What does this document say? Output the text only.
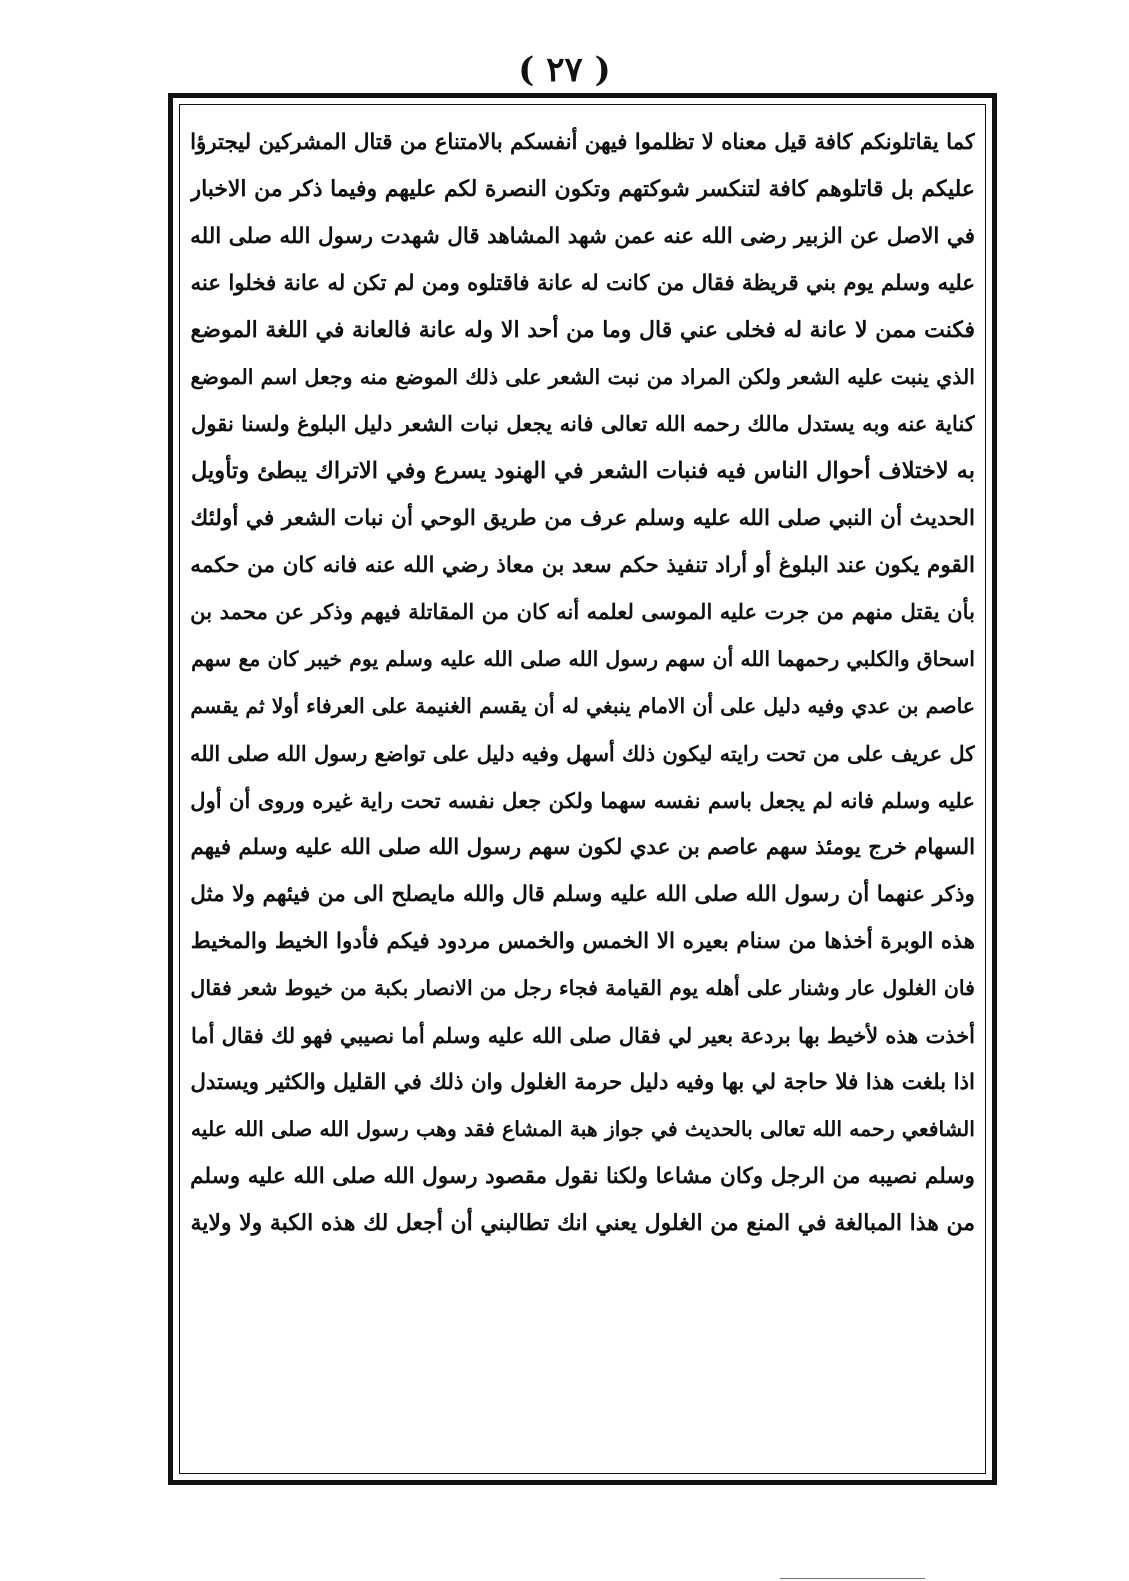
( ٢٧ )
كما يقاتلونكم كافة قيل معناه لا تظلموا فيهن أنفسكم بالامتناع من قتال المشركين ليجترؤا
عليكم بل قاتلوهم كافة لتنكسر شوكتهم وتكون النصرة لكم عليهم وفيما ذكر من الاخبار
في الاصل عن الزبير رضى الله عنه عمن شهد المشاهد قال شهدت رسول الله صلى الله
عليه وسلم يوم بني قريظة فقال من كانت له عانة فاقتلوه ومن لم تكن له عانة فخلوا عنه
فكنت ممن لا عانة له فخلى عني قال وما من أحد الا وله عانة فالعانة في اللغة الموضع
الذي ينبت عليه الشعر ولكن المراد من نبت الشعر على ذلك الموضع منه وجعل اسم الموضع
كناية عنه وبه يستدل مالك رحمه الله تعالى فانه يجعل نبات الشعر دليل البلوغ ولسنا نقول
به لاختلاف أحوال الناس فيه فنبات الشعر في الهنود يسرع وفي الاتراك يبطئ وتأويل
الحديث أن النبي صلى الله عليه وسلم عرف من طريق الوحي أن نبات الشعر في أولئك
القوم يكون عند البلوغ أو أراد تنفيذ حكم سعد بن معاذ رضي الله عنه فانه كان من حكمه
بأن يقتل منهم من جرت عليه الموسى لعلمه أنه كان من المقاتلة فيهم وذكر عن محمد بن
اسحاق والكلبي رحمهما الله أن سهم رسول الله صلى الله عليه وسلم يوم خيبر كان مع سهم
عاصم بن عدي وفيه دليل على أن الامام ينبغي له أن يقسم الغنيمة على العرفاء أولا ثم يقسم
كل عريف على من تحت رايته ليكون ذلك أسهل وفيه دليل على تواضع رسول الله صلى الله
عليه وسلم فانه لم يجعل باسم نفسه سهما ولكن جعل نفسه تحت راية غيره وروى أن أول
السهام خرج يومئذ سهم عاصم بن عدي لكون سهم رسول الله صلى الله عليه وسلم فيهم
وذكر عنهما أن رسول الله صلى الله عليه وسلم قال والله مايصلح الى من فيئهم ولا مثل
هذه الوبرة أخذها من سنام بعيره الا الخمس والخمس مردود فيكم فأدوا الخيط والمخيط
فان الغلول عار وشنار على أهله يوم القيامة فجاء رجل من الانصار بكبة من خيوط شعر فقال
أخذت هذه لأخيط بها بردعة بعير لي فقال صلى الله عليه وسلم أما نصيبي فهو لك فقال أما
اذا بلغت هذا فلا حاجة لي بها وفيه دليل حرمة الغلول وان ذلك في القليل والكثير ويستدل
الشافعي رحمه الله تعالى بالحديث في جواز هبة المشاع فقد وهب رسول الله صلى الله عليه
وسلم نصيبه من الرجل وكان مشاعا ولكنا نقول مقصود رسول الله صلى الله عليه وسلم
من هذا المبالغة في المنع من الغلول يعني انك تطالبني أن أجعل لك هذه الكبة ولا ولاية
